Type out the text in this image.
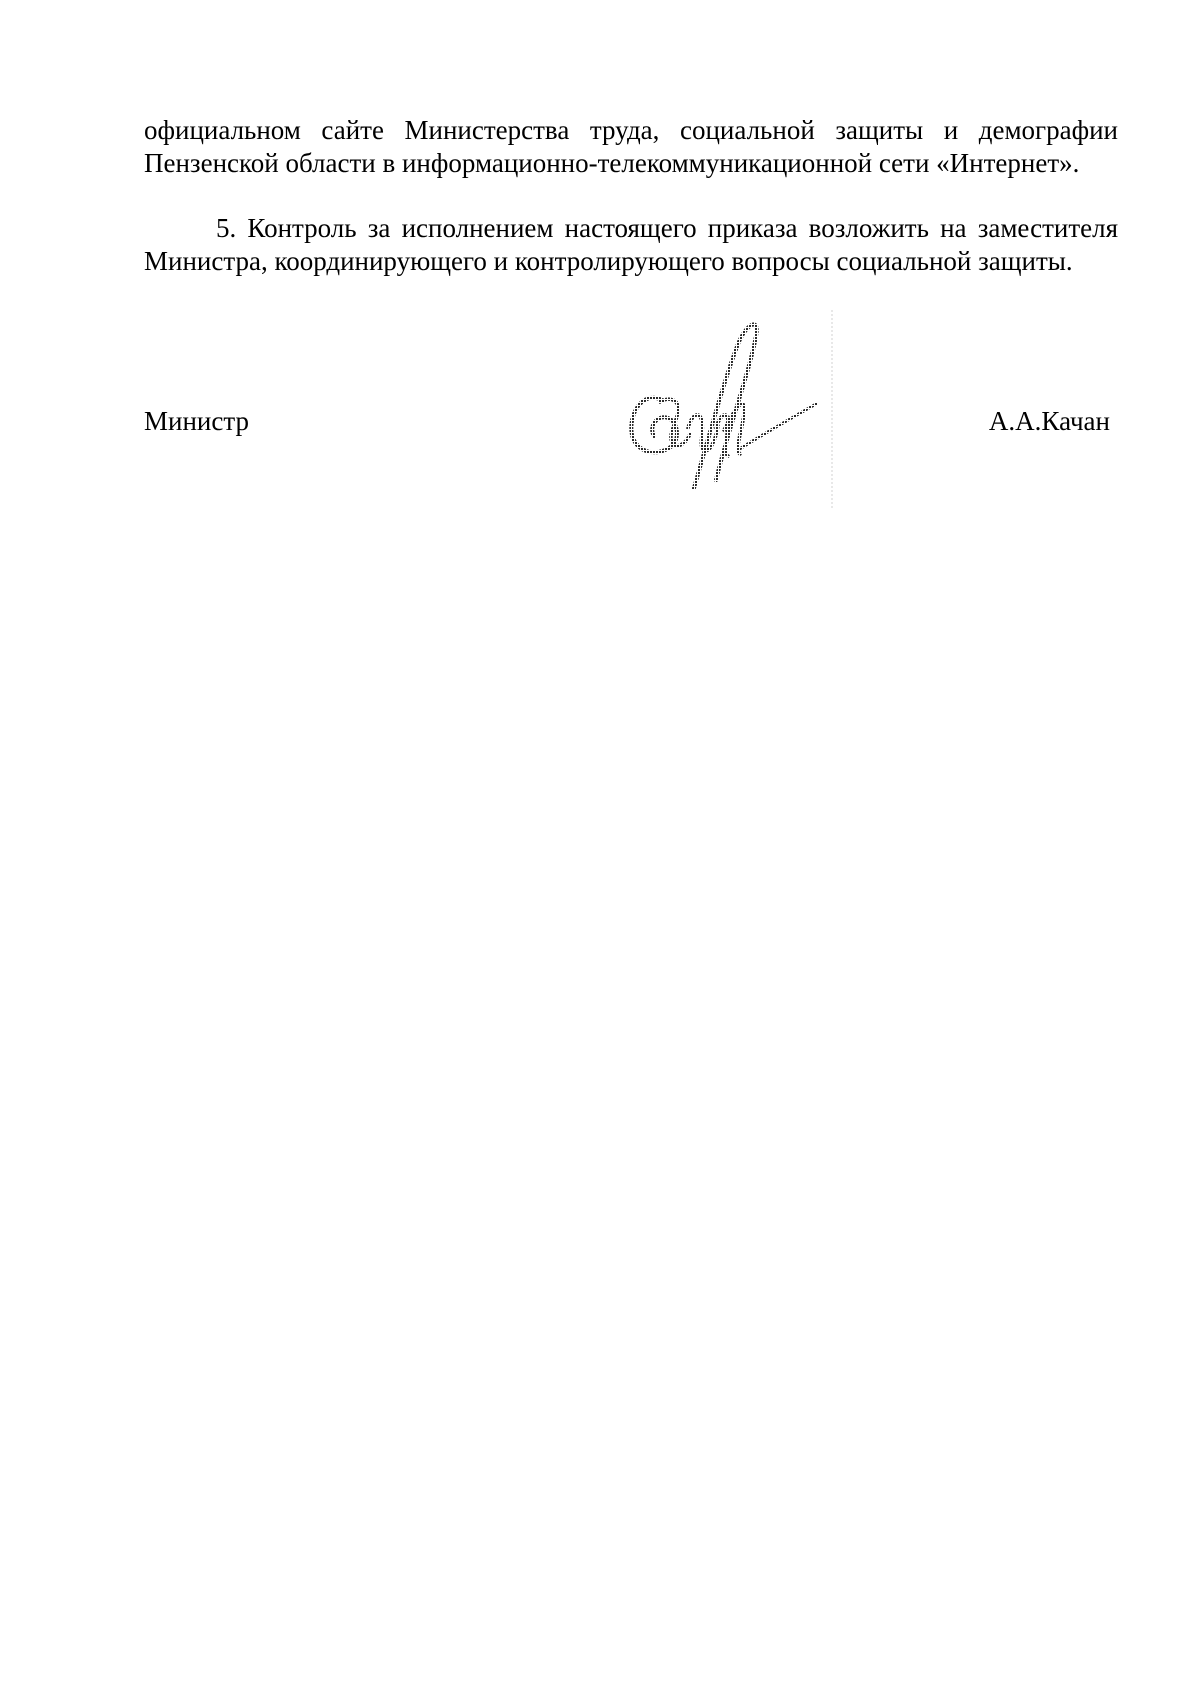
официальном сайте Министерства труда, социальной защиты и демографии Пензенской области в информационно-телекоммуникационной сети «Интернет».

5. Контроль за исполнением настоящего приказа возложить на заместителя Министра, координирующего и контролирующего вопросы социальной защиты.

Министр	А.А.Качан
